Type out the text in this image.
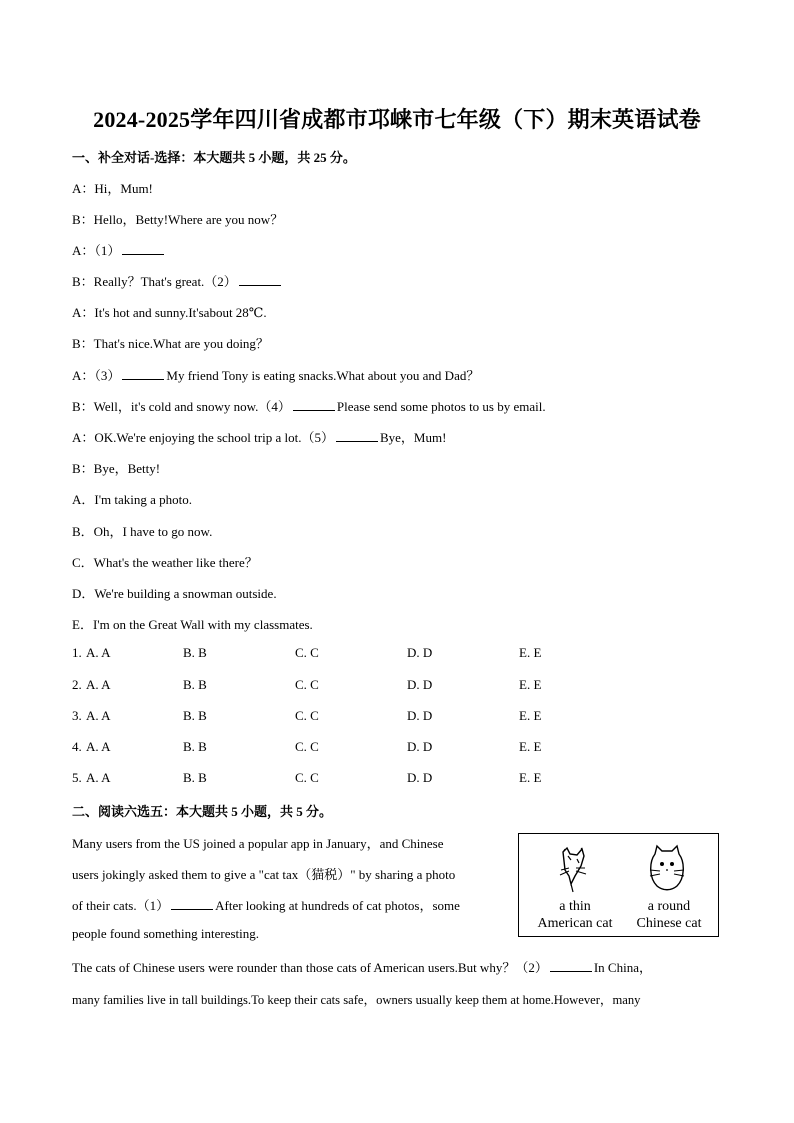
2024-2025学年四川省成都市邛崃市七年级（下）期末英语试卷
一、补全对话-选择：本大题共 5 小题，共 25 分。
A：Hi，Mum!
B：Hello，Betty!Where are you now？
A：（1）
B：Really？That's great.（2）
A：It's hot and sunny.It'sabout 28℃.
B：That's nice.What are you doing？
A：（3）	My friend Tony is eating snacks.What about you and Dad？
B：Well，it's cold and snowy now.（4）	Please send some photos to us by email.
A：OK.We're enjoying the school trip a lot.（5）	Bye，Mum!
B：Bye，Betty!
A．I'm taking a photo.
B．Oh，I have to go now.
C．What's the weather like there？
D．We're building a snowman outside.
E．I'm on the Great Wall with my classmates.
1. A. A	B. B	C. C	D. D	E. E
2. A. A	B. B	C. C	D. D	E. E
3. A. A	B. B	C. C	D. D	E. E
4. A. A	B. B	C. C	D. D	E. E
5. A. A	B. B	C. C	D. D	E. E
二、阅读六选五：本大题共 5 小题，共 5 分。
Many users from the US joined a popular app in January，and Chinese
users jokingly asked them to give a "cat tax（猫税）" by sharing a photo
of their cats.（1）	After looking at hundreds of cat photos，some
people found something interesting.
The cats of Chinese users were rounder than those cats of American users.But why？（2）	In China，
many families live in tall buildings.To keep their cats safe，owners usually keep them at home.However，many
a thin
American cat
a round
Chinese cat
